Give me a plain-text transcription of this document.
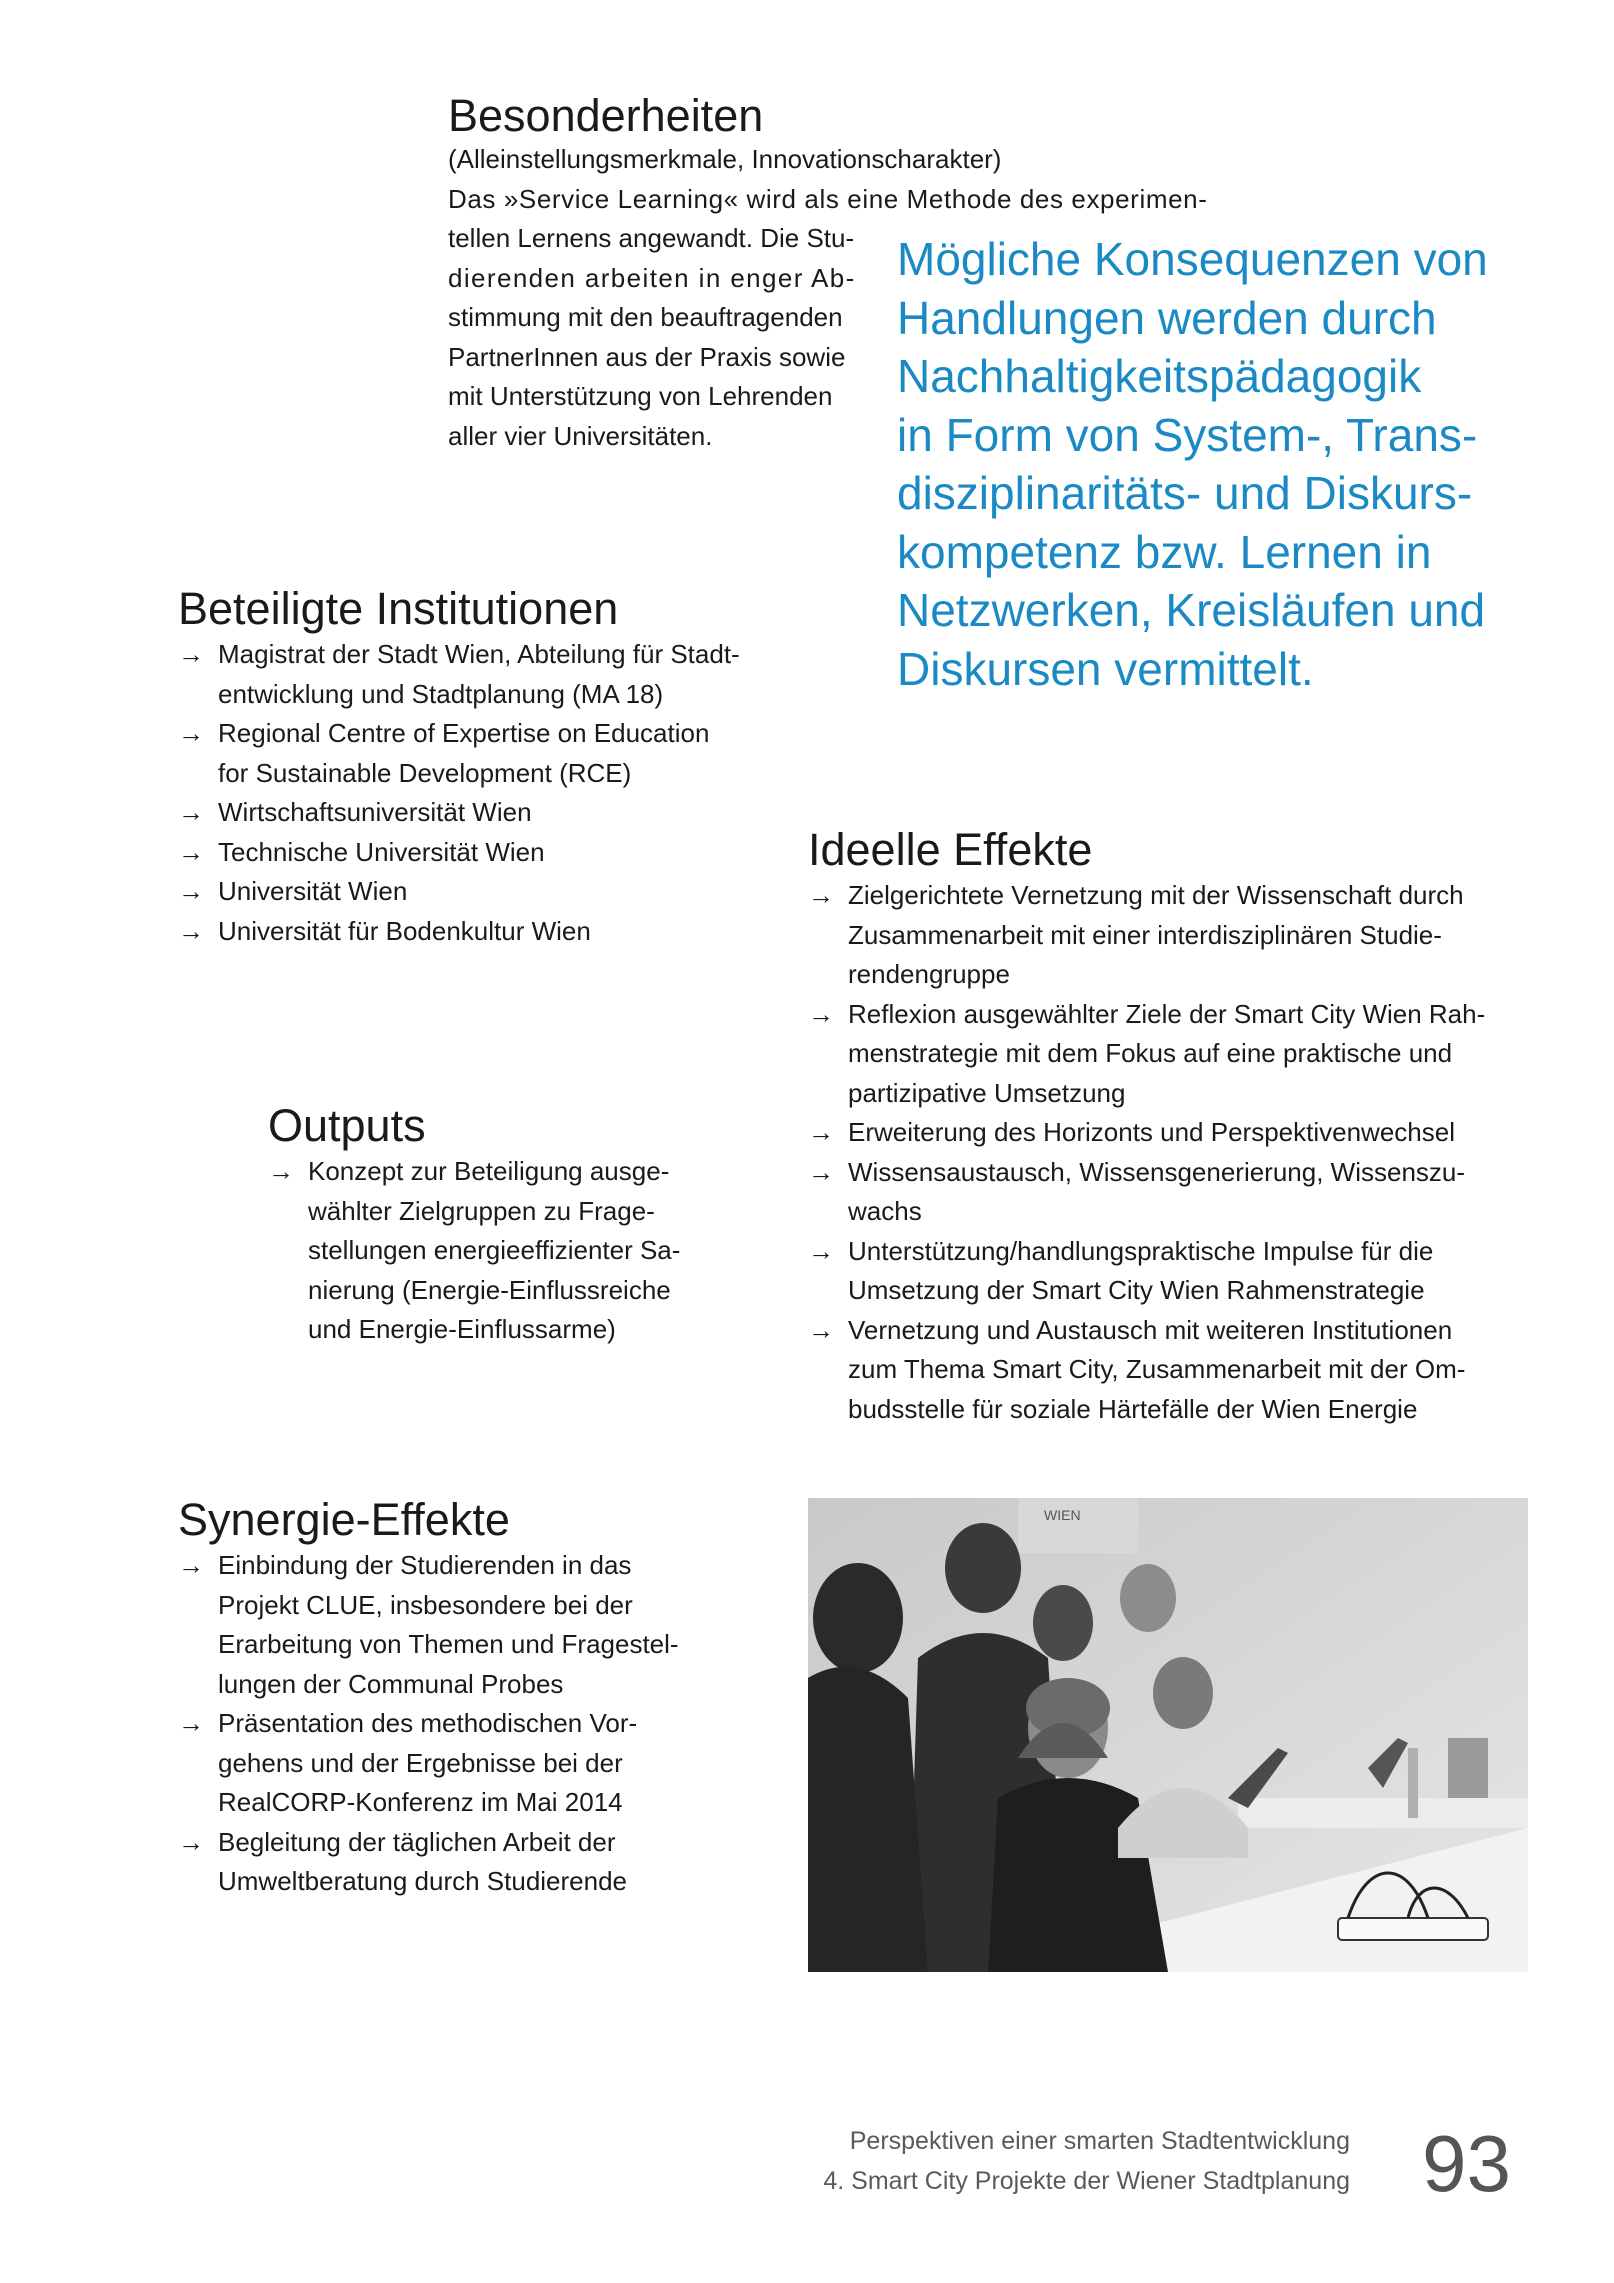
Besonderheiten
(Alleinstellungsmerkmale, Innovationscharakter)
Das »Service Learning« wird als eine Methode des experimen-
tellen Lernens angewandt. Die Stu-
dierenden arbeiten in enger Ab-
stimmung mit den beauftragenden
PartnerInnen aus der Praxis sowie
mit Unterstützung von Lehrenden
aller vier Universitäten.
Mögliche Konsequenzen von
Handlungen werden durch
Nachhaltigkeitspädagogik
in Form von System-, Trans-
disziplinaritäts- und Diskurs-
kompetenz bzw. Lernen in
Netzwerken, Kreisläufen und
Diskursen vermittelt.
Beteiligte Institutionen
→ Magistrat der Stadt Wien, Abteilung für Stadt-
entwicklung und Stadtplanung (MA 18)
→ Regional Centre of Expertise on Education
for Sustainable Development (RCE)
→ Wirtschaftsuniversität Wien
→ Technische Universität Wien
→ Universität Wien
→ Universität für Bodenkultur Wien
Ideelle Effekte
→ Zielgerichtete Vernetzung mit der Wissenschaft durch
Zusammenarbeit mit einer interdisziplinären Studie-
rendengruppe
→ Reflexion ausgewählter Ziele der Smart City Wien Rah-
menstrategie mit dem Fokus auf eine praktische und
partizipative Umsetzung
→ Erweiterung des Horizonts und Perspektivenwechsel
→ Wissensaustausch, Wissensgenerierung, Wissenszu-
wachs
→ Unterstützung/handlungspraktische Impulse für die
Umsetzung der Smart City Wien Rahmenstrategie
→ Vernetzung und Austausch mit weiteren Institutionen
zum Thema Smart City, Zusammenarbeit mit der Om-
budsstelle für soziale Härtefälle der Wien Energie
Outputs
→ Konzept zur Beteiligung ausge-
wählter Zielgruppen zu Frage-
stellungen energieeffizienter Sa-
nierung (Energie-Einflussreiche
und Energie-Einflussarme)
Synergie-Effekte
→ Einbindung der Studierenden in das
Projekt CLUE, insbesondere bei der
Erarbeitung von Themen und Fragestel-
lungen der Communal Probes
→ Präsentation des methodischen Vor-
gehens und der Ergebnisse bei der
RealCORP-Konferenz im Mai 2014
→ Begleitung der täglichen Arbeit der
Umweltberatung durch Studierende
WIEN
Perspektiven einer smarten Stadtentwicklung
4. Smart City Projekte der Wiener Stadtplanung 93
